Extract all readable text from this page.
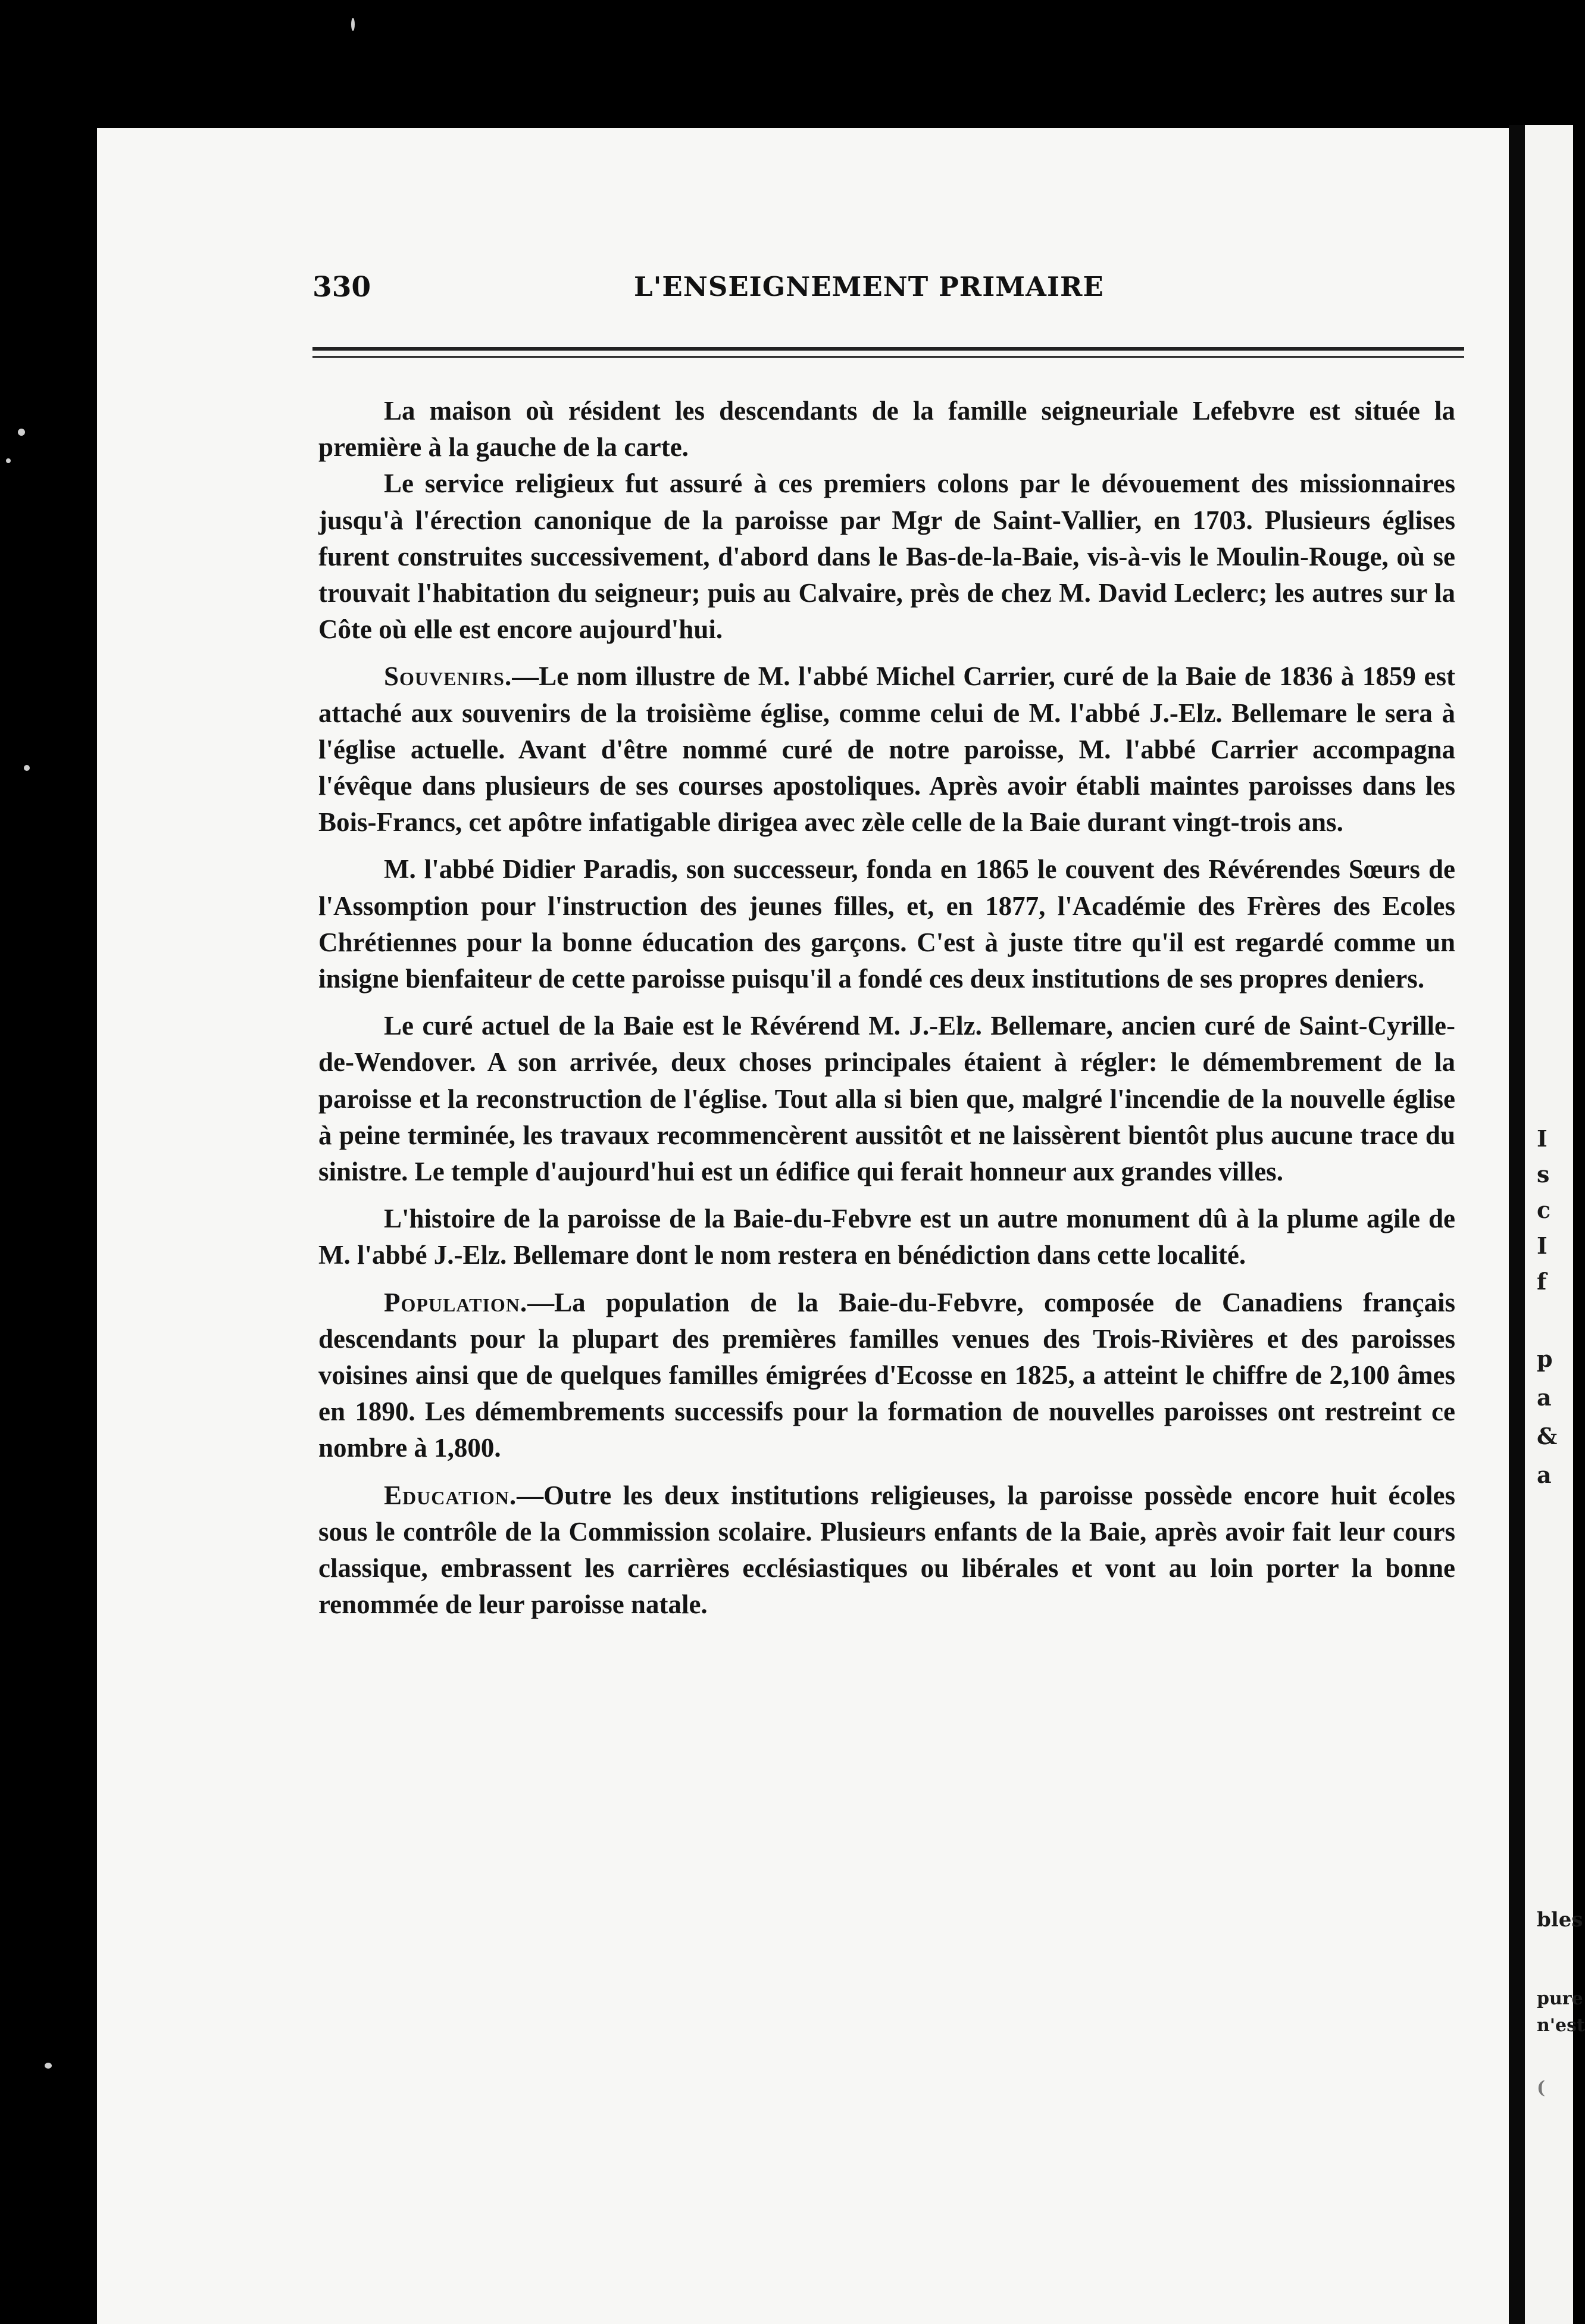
I
s
c
I
f
p
a
&
a
bles
pure
n'est
(
330	L'ENSEIGNEMENT PRIMAIRE

La maison où résident les descendants de la famille seigneuriale Lefebvre est située la première à la gauche de la carte.

Le service religieux fut assuré à ces premiers colons par le dévouement des missionnaires jusqu'à l'érection canonique de la paroisse par Mgr de Saint-Vallier, en 1703. Plusieurs églises furent construites successivement, d'abord dans le Bas-de-la-Baie, vis-à-vis le Moulin-Rouge, où se trouvait l'habitation du seigneur; puis au Calvaire, près de chez M. David Leclerc; les autres sur la Côte où elle est encore aujourd'hui.

Souvenirs.—Le nom illustre de M. l'abbé Michel Carrier, curé de la Baie de 1836 à 1859 est attaché aux souvenirs de la troisième église, comme celui de M. l'abbé J.-Elz. Bellemare le sera à l'église actuelle. Avant d'être nommé curé de notre paroisse, M. l'abbé Carrier accompagna l'évêque dans plusieurs de ses courses apostoliques. Après avoir établi maintes paroisses dans les Bois-Francs, cet apôtre infatigable dirigea avec zèle celle de la Baie durant vingt-trois ans.

M. l'abbé Didier Paradis, son successeur, fonda en 1865 le couvent des Révérendes Sœurs de l'Assomption pour l'instruction des jeunes filles, et, en 1877, l'Académie des Frères des Ecoles Chrétiennes pour la bonne éducation des garçons. C'est à juste titre qu'il est regardé comme un insigne bienfaiteur de cette paroisse puisqu'il a fondé ces deux institutions de ses propres deniers.

Le curé actuel de la Baie est le Révérend M. J.-Elz. Bellemare, ancien curé de Saint-Cyrille-de-Wendover. A son arrivée, deux choses principales étaient à régler: le démembrement de la paroisse et la reconstruction de l'église. Tout alla si bien que, malgré l'incendie de la nouvelle église à peine terminée, les travaux recommencèrent aussitôt et ne laissèrent bientôt plus aucune trace du sinistre. Le temple d'aujourd'hui est un édifice qui ferait honneur aux grandes villes.

L'histoire de la paroisse de la Baie-du-Febvre est un autre monument dû à la plume agile de M. l'abbé J.-Elz. Bellemare dont le nom restera en bénédiction dans cette localité.

Population.—La population de la Baie-du-Febvre, composée de Canadiens français descendants pour la plupart des premières familles venues des Trois-Rivières et des paroisses voisines ainsi que de quelques familles émigrées d'Ecosse en 1825, a atteint le chiffre de 2,100 âmes en 1890. Les démembrements successifs pour la formation de nouvelles paroisses ont restreint ce nombre à 1,800.

Education.—Outre les deux institutions religieuses, la paroisse possède encore huit écoles sous le contrôle de la Commission scolaire. Plusieurs enfants de la Baie, après avoir fait leur cours classique, embrassent les carrières ecclésiastiques ou libérales et vont au loin porter la bonne renommée de leur paroisse natale.
